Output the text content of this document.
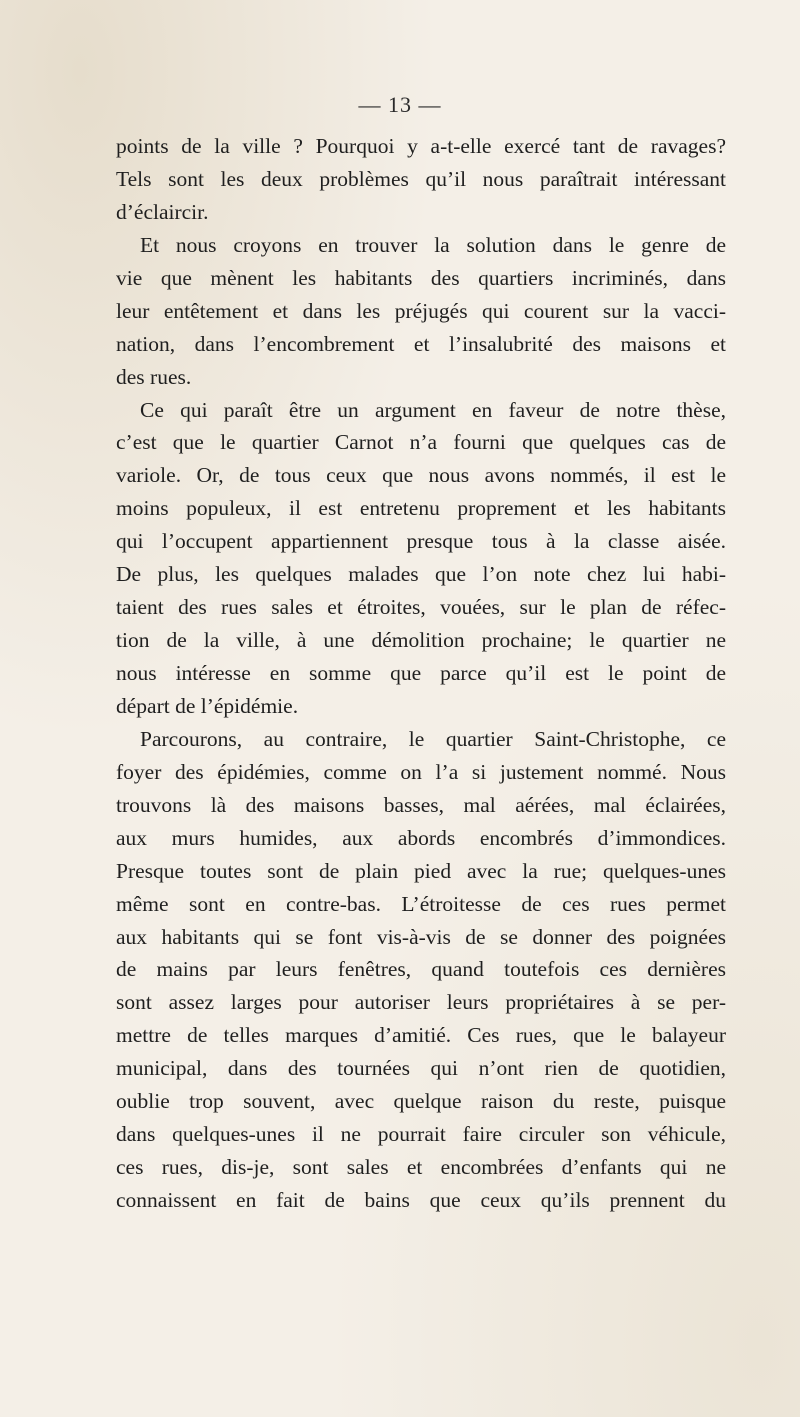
— 13 —
points de la ville ? Pourquoi y a-t-elle exercé tant de ravages?
Tels sont les deux problèmes qu’il nous paraîtrait intéressant
d’éclaircir.
Et nous croyons en trouver la solution dans le genre de
vie que mènent les habitants des quartiers incriminés, dans
leur entêtement et dans les préjugés qui courent sur la vacci-
nation, dans l’encombrement et l’insalubrité des maisons et
des rues.
Ce qui paraît être un argument en faveur de notre thèse,
c’est que le quartier Carnot n’a fourni que quelques cas de
variole. Or, de tous ceux que nous avons nommés, il est le
moins populeux, il est entretenu proprement et les habitants
qui l’occupent appartiennent presque tous à la classe aisée.
De plus, les quelques malades que l’on note chez lui habi-
taient des rues sales et étroites, vouées, sur le plan de réfec-
tion de la ville, à une démolition prochaine; le quartier ne
nous intéresse en somme que parce qu’il est le point de
départ de l’épidémie.
Parcourons, au contraire, le quartier Saint-Christophe, ce
foyer des épidémies, comme on l’a si justement nommé. Nous
trouvons là des maisons basses, mal aérées, mal éclairées,
aux murs humides, aux abords encombrés d’immondices.
Presque toutes sont de plain pied avec la rue; quelques-unes
même sont en contre-bas. L’étroitesse de ces rues permet
aux habitants qui se font vis-à-vis de se donner des poignées
de mains par leurs fenêtres, quand toutefois ces dernières
sont assez larges pour autoriser leurs propriétaires à se per-
mettre de telles marques d’amitié. Ces rues, que le balayeur
municipal, dans des tournées qui n’ont rien de quotidien,
oublie trop souvent, avec quelque raison du reste, puisque
dans quelques-unes il ne pourrait faire circuler son véhicule,
ces rues, dis-je, sont sales et encombrées d’enfants qui ne
connaissent en fait de bains que ceux qu’ils prennent du
